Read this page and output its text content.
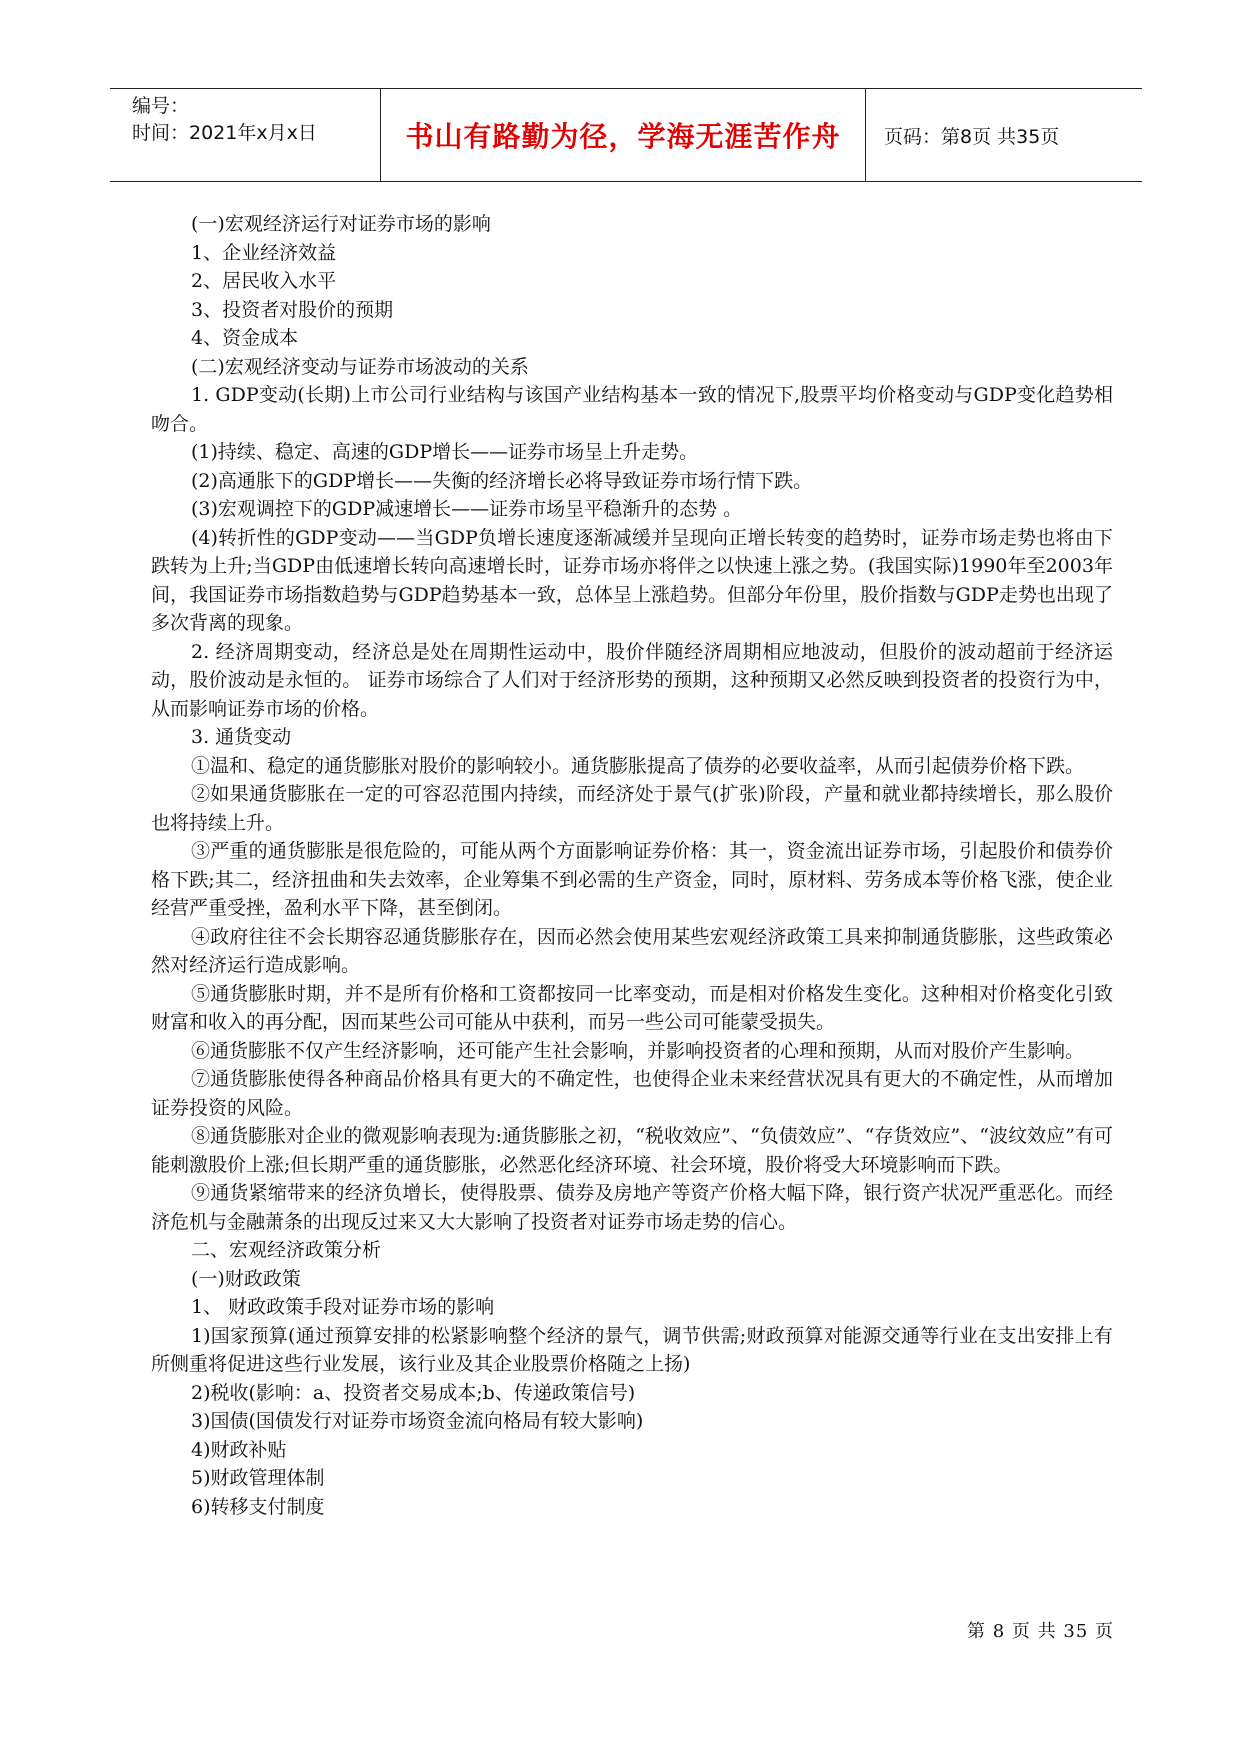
编号：
时间：2021年x月x日	书山有路勤为径，学海无涯苦作舟	页码：第8页 共35页

(一)宏观经济运行对证券市场的影响

1、企业经济效益

2、居民收入水平

3、投资者对股价的预期

4、资金成本

(二)宏观经济变动与证券市场波动的关系

1. GDP变动(长期)上市公司行业结构与该国产业结构基本一致的情况下,股票平均价格变动与GDP变化趋势相吻合。

(1)持续、稳定、高速的GDP增长——证券市场呈上升走势。

(2)高通胀下的GDP增长——失衡的经济增长必将导致证券市场行情下跌。

(3)宏观调控下的GDP减速增长——证券市场呈平稳渐升的态势 。

(4)转折性的GDP变动——当GDP负增长速度逐渐减缓并呈现向正增长转变的趋势时，证券市场走势也将由下跌转为上升;当GDP由低速增长转向高速增长时，证券市场亦将伴之以快速上涨之势。(我国实际)1990年至2003年间，我国证券市场指数趋势与GDP趋势基本一致，总体呈上涨趋势。但部分年份里，股价指数与GDP走势也出现了多次背离的现象。

2. 经济周期变动，经济总是处在周期性运动中，股价伴随经济周期相应地波动，但股价的波动超前于经济运动，股价波动是永恒的。 证券市场综合了人们对于经济形势的预期，这种预期又必然反映到投资者的投资行为中，从而影响证券市场的价格。

3. 通货变动

①温和、稳定的通货膨胀对股价的影响较小。通货膨胀提高了债券的必要收益率，从而引起债券价格下跌。

②如果通货膨胀在一定的可容忍范围内持续，而经济处于景气(扩张)阶段，产量和就业都持续增长，那么股价也将持续上升。

③严重的通货膨胀是很危险的，可能从两个方面影响证券价格：其一，资金流出证券市场，引起股价和债券价格下跌;其二，经济扭曲和失去效率，企业筹集不到必需的生产资金，同时，原材料、劳务成本等价格飞涨，使企业经营严重受挫，盈利水平下降，甚至倒闭。

④政府往往不会长期容忍通货膨胀存在，因而必然会使用某些宏观经济政策工具来抑制通货膨胀，这些政策必然对经济运行造成影响。

⑤通货膨胀时期，并不是所有价格和工资都按同一比率变动，而是相对价格发生变化。这种相对价格变化引致财富和收入的再分配，因而某些公司可能从中获利，而另一些公司可能蒙受损失。

⑥通货膨胀不仅产生经济影响，还可能产生社会影响，并影响投资者的心理和预期，从而对股价产生影响。

⑦通货膨胀使得各种商品价格具有更大的不确定性，也使得企业未来经营状况具有更大的不确定性，从而增加证券投资的风险。

⑧通货膨胀对企业的微观影响表现为:通货膨胀之初，“税收效应”、“负债效应”、“存货效应”、“波纹效应”有可能刺激股价上涨;但长期严重的通货膨胀，必然恶化经济环境、社会环境，股价将受大环境影响而下跌。

⑨通货紧缩带来的经济负增长，使得股票、债券及房地产等资产价格大幅下降，银行资产状况严重恶化。而经济危机与金融萧条的出现反过来又大大影响了投资者对证券市场走势的信心。

二、宏观经济政策分析

(一)财政政策

1、 财政政策手段对证券市场的影响

1)国家预算(通过预算安排的松紧影响整个经济的景气，调节供需;财政预算对能源交通等行业在支出安排上有所侧重将促进这些行业发展，该行业及其企业股票价格随之上扬)

2)税收(影响：a、投资者交易成本;b、传递政策信号)

3)国债(国债发行对证券市场资金流向格局有较大影响)

4)财政补贴

5)财政管理体制

6)转移支付制度

第 8 页 共 35 页
